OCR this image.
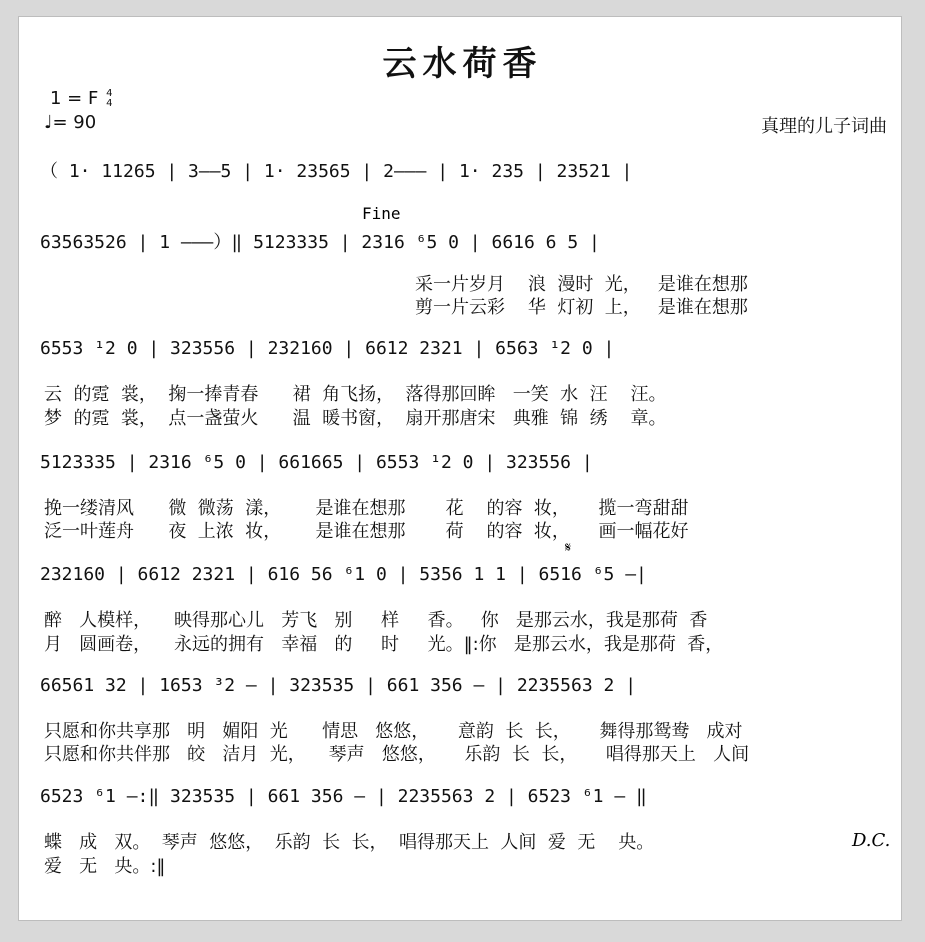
云水荷香
1 = F 4
4
♩= 90	真理的儿子词曲
Fine
𝄋
D.C.
（ 1· 11265 | 3——5 | 1· 23565 | 2——— | 1· 235 | 23521 |
63563526 | 1 ———）‖ 5123335 | 2316 ⁶5 0 | 6616 6 5 |
采一片岁月    浪  漫时  光，   是谁在想那
剪一片云彩    华  灯初  上，   是谁在想那
6553 ¹2 0 | 323556 | 232160 | 6612 2321 | 6563 ¹2 0 |
云  的霓  裳，  掬一捧青春      裙  角飞扬，  落得那回眸   一笑  水  汪    汪。
梦  的霓  裳，  点一盏萤火      温  暖书窗，  扇开那唐宋   典雅  锦  绣    章。
5123335 | 2316 ⁶5 0 | 661665 | 6553 ¹2 0 | 323556 |
挽一缕清风      微  微荡  漾，      是谁在想那       花    的容  妆，     揽一弯甜甜
泛一叶莲舟      夜  上浓  妆，      是谁在想那       荷    的容  妆，     画一幅花好
232160 | 6612 2321 | 616 56 ⁶1 0 | 5356 1 1 | 6516 ⁶5 —|
醉   人模样，    映得那心儿   芳飞   别     样     香。   你   是那云水，我是那荷  香
月   圆画卷，    永远的拥有   幸福   的     时     光。‖:你   是那云水，我是那荷  香，
66561 32 | 1653 ³2 — | 323535 | 661 356 — | 2235563 2 |
只愿和你共享那   明   媚阳  光      情思   悠悠，     意韵  长  长，     舞得那鸳鸯   成对
只愿和你共伴那   皎   洁月  光，    琴声   悠悠，     乐韵  长  长，     唱得那天上   人间
6523 ⁶1 —:‖ 323535 | 661 356 — | 2235563 2 | 6523 ⁶1 — ‖
蝶   成   双。  琴声  悠悠，  乐韵  长  长，  唱得那天上  人间  爱  无    央。
爱   无   央。:‖
